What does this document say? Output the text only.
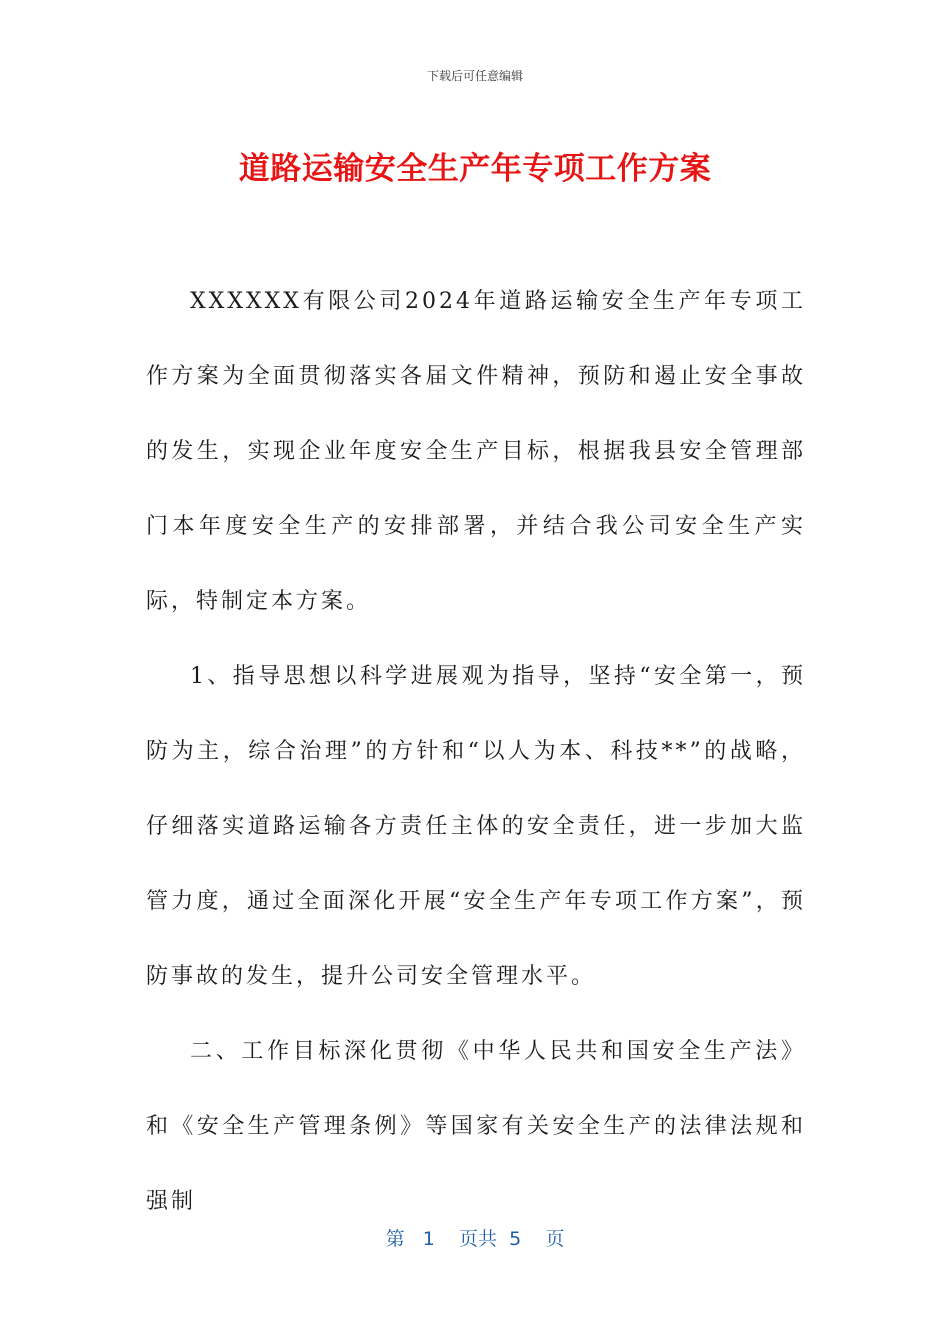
下载后可任意编辑
道路运输安全生产年专项工作方案

XXXXXX有限公司2024年道路运输安全生产年专项工作方案为全面贯彻落实各届文件精神，预防和遏止安全事故的发生，实现企业年度安全生产目标，根据我县安全管理部门本年度安全生产的安排部署，并结合我公司安全生产实际，特制定本方案。

1、指导思想以科学进展观为指导，坚持“安全第一，预防为主，综合治理”的方针和“以人为本、科技**”的战略，仔细落实道路运输各方责任主体的安全责任，进一步加大监管力度，通过全面深化开展“安全生产年专项工作方案”，预防事故的发生，提升公司安全管理水平。

二、工作目标深化贯彻《中华人民共和国安全生产法》和《安全生产管理条例》等国家有关安全生产的法律法规和强制

第 1 页共 5 页
